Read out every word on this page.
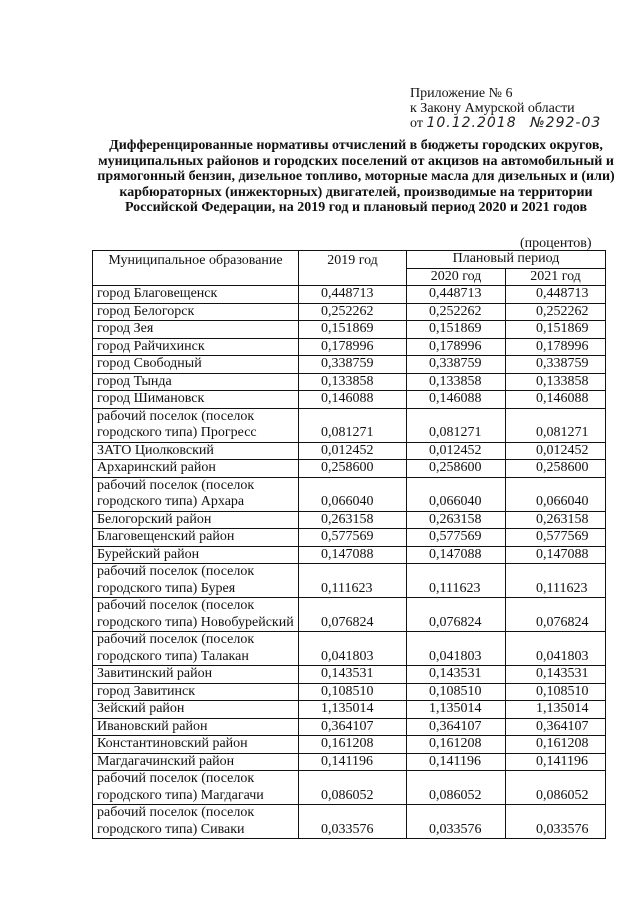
Приложение № 6
к Закону Амурской области
от 10.12.2018 №292-03
Дифференцированные нормативы отчислений в бюджеты городских округов, муниципальных районов и городских поселений от акцизов на автомобильный и прямогонный бензин, дизельное топливо, моторные масла для дизельных и (или) карбюраторных (инжекторных) двигателей, производимые на территории Российской Федерации, на 2019 год и плановый период 2020 и 2021 годов
(процентов)
Муниципальное образование	2019 год	Плановый период	
		2020 год	2021 год
город Благовещенск	0,448713	0,448713	0,448713
город Белогорск	0,252262	0,252262	0,252262
город Зея	0,151869	0,151869	0,151869
город Райчихинск	0,178996	0,178996	0,178996
город Свободный	0,338759	0,338759	0,338759
город Тында	0,133858	0,133858	0,133858
город Шимановск	0,146088	0,146088	0,146088
рабочий поселок (поселок городского типа) Прогресс	0,081271	0,081271	0,081271
ЗАТО Циолковский	0,012452	0,012452	0,012452
Архаринский район	0,258600	0,258600	0,258600
рабочий поселок (поселок городского типа) Архара	0,066040	0,066040	0,066040
Белогорский район	0,263158	0,263158	0,263158
Благовещенский район	0,577569	0,577569	0,577569
Бурейский район	0,147088	0,147088	0,147088
рабочий поселок (поселок городского типа) Бурея	0,111623	0,111623	0,111623
рабочий поселок (поселок городского типа) Новобурейский	0,076824	0,076824	0,076824
рабочий поселок (поселок городского типа) Талакан	0,041803	0,041803	0,041803
Завитинский район	0,143531	0,143531	0,143531
город Завитинск	0,108510	0,108510	0,108510
Зейский район	1,135014	1,135014	1,135014
Ивановский район	0,364107	0,364107	0,364107
Константиновский район	0,161208	0,161208	0,161208
Магдагачинский район	0,141196	0,141196	0,141196
рабочий поселок (поселок городского типа) Магдагачи	0,086052	0,086052	0,086052
рабочий поселок (поселок городского типа) Сиваки	0,033576	0,033576	0,033576
